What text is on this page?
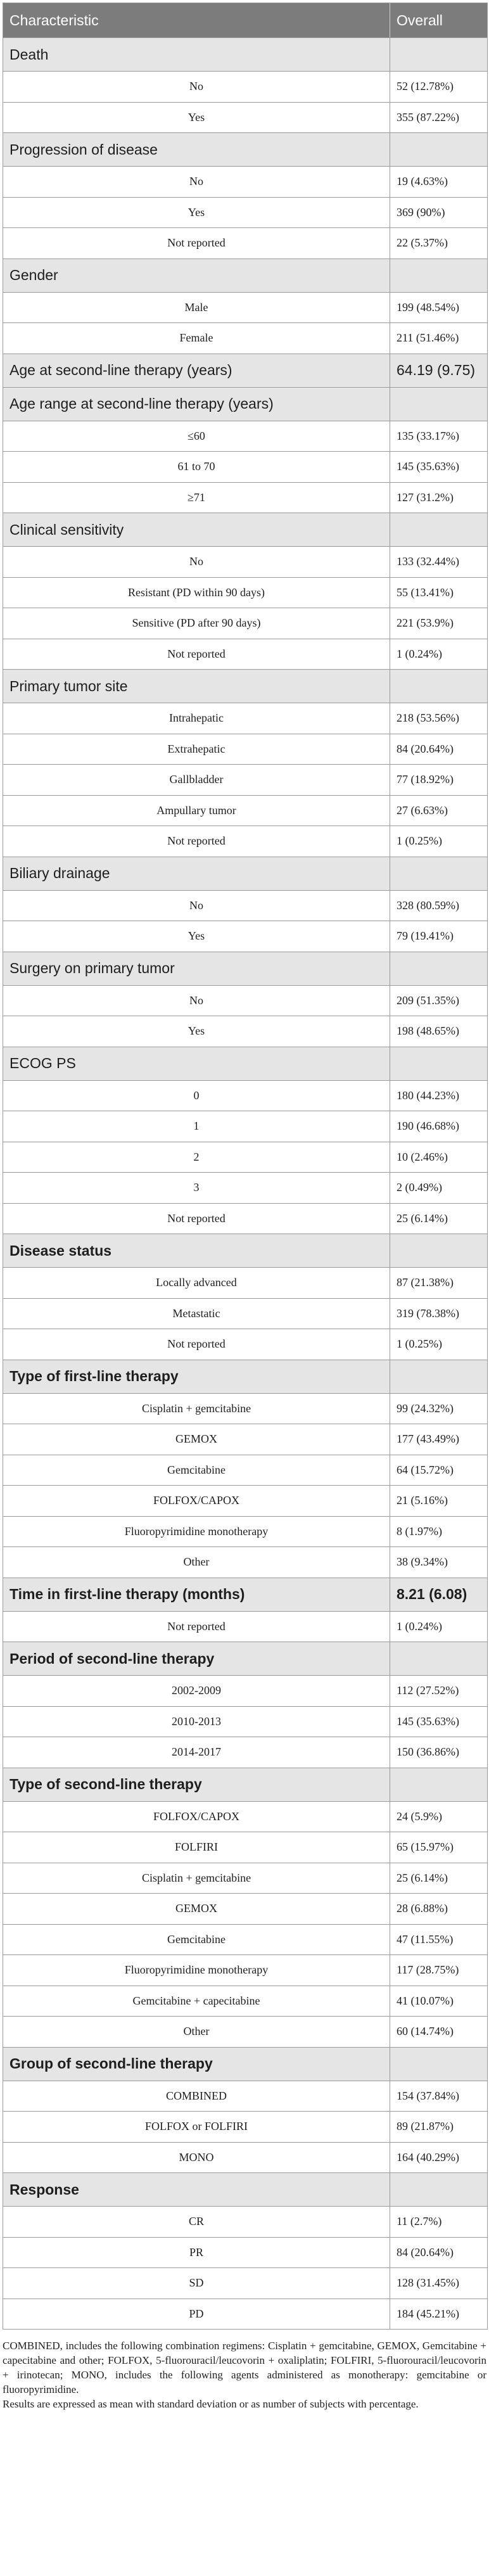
Characteristic	Overall
Death
No	52 (12.78%)
Yes	355 (87.22%)
Progression of disease
No	19 (4.63%)
Yes	369 (90%)
Not reported	22 (5.37%)
Gender
Male	199 (48.54%)
Female	211 (51.46%)
Age at second-line therapy (years)	64.19 (9.75)
Age range at second-line therapy (years)
≤60	135 (33.17%)
61 to 70	145 (35.63%)
≥71	127 (31.2%)
Clinical sensitivity
No	133 (32.44%)
Resistant (PD within 90 days)	55 (13.41%)
Sensitive (PD after 90 days)	221 (53.9%)
Not reported	1 (0.24%)
Primary tumor site
Intrahepatic	218 (53.56%)
Extrahepatic	84 (20.64%)
Gallbladder	77 (18.92%)
Ampullary tumor	27 (6.63%)
Not reported	1 (0.25%)
Biliary drainage
No	328 (80.59%)
Yes	79 (19.41%)
Surgery on primary tumor
No	209 (51.35%)
Yes	198 (48.65%)
ECOG PS
0	180 (44.23%)
1	190 (46.68%)
2	10 (2.46%)
3	2 (0.49%)
Not reported	25 (6.14%)
Disease status
Locally advanced	87 (21.38%)
Metastatic	319 (78.38%)
Not reported	1 (0.25%)
Type of first-line therapy
Cisplatin + gemcitabine	99 (24.32%)
GEMOX	177 (43.49%)
Gemcitabine	64 (15.72%)
FOLFOX/CAPOX	21 (5.16%)
Fluoropyrimidine monotherapy	8 (1.97%)
Other	38 (9.34%)
Time in first-line therapy (months)	8.21 (6.08)
Not reported	1 (0.24%)
Period of second-line therapy
2002-2009	112 (27.52%)
2010-2013	145 (35.63%)
2014-2017	150 (36.86%)
Type of second-line therapy
FOLFOX/CAPOX	24 (5.9%)
FOLFIRI	65 (15.97%)
Cisplatin + gemcitabine	25 (6.14%)
GEMOX	28 (6.88%)
Gemcitabine	47 (11.55%)
Fluoropyrimidine monotherapy	117 (28.75%)
Gemcitabine + capecitabine	41 (10.07%)
Other	60 (14.74%)
Group of second-line therapy
COMBINED	154 (37.84%)
FOLFOX or FOLFIRI	89 (21.87%)
MONO	164 (40.29%)
Response
CR	11 (2.7%)
PR	84 (20.64%)
SD	128 (31.45%)
PD	184 (45.21%)

COMBINED, includes the following combination regimens: Cisplatin + gemcitabine, GEMOX, Gemcitabine + capecitabine and other; FOLFOX, 5-fluorouracil/leucovorin + oxaliplatin; FOLFIRI, 5-fluorouracil/leucovorin + irinotecan; MONO, includes the following agents administered as monotherapy: gemcitabine or fluoropyrimidine.

Results are expressed as mean with standard deviation or as number of subjects with percentage.
